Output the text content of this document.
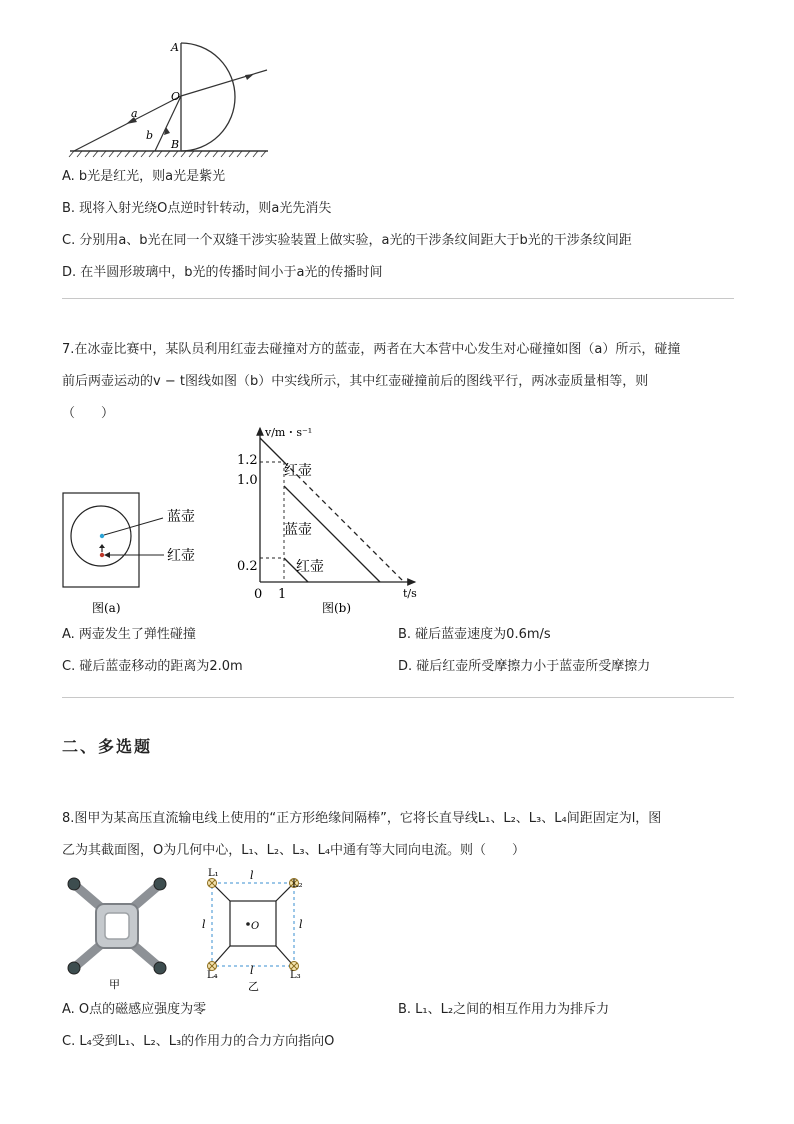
A
O
B
a
b
A. b光是红光，则a光是紫光
B. 现将入射光绕O点逆时针转动，则a光先消失
C. 分别用a、b光在同一个双缝干涉实验装置上做实验，a光的干涉条纹间距大于b光的干涉条纹间距
D. 在半圆形玻璃中，b光的传播时间小于a光的传播时间
7.在冰壶比赛中，某队员利用红壶去碰撞对方的蓝壶，两者在大本营中心发生对心碰撞如图（a）所示，碰撞
前后两壶运动的v − t图线如图（b）中实线所示，其中红壶碰撞前后的图线平行，两冰壶质量相等，则
（　　）
蓝壶
红壶
图(a)
v/m・s⁻¹
t/s
1.2
1.0
0.2
0 1
红壶
蓝壶
红壶
图(b)
A. 两壶发生了弹性碰撞	B. 碰后蓝壶速度为0.6m/s
C. 碰后蓝壶移动的距离为2.0m	D. 碰后红壶所受摩擦力小于蓝壶所受摩擦力
二、多选题
8.图甲为某高压直流输电线上使用的“正方形绝缘间隔棒”，它将长直导线L₁、L₂、L₃、L₄间距固定为l，图
乙为其截面图，O为几何中心，L₁、L₂、L₃、L₄中通有等大同向电流。则（　　）
甲
L₁
L₂
L₃
L₄
l
l
l	l
O
乙
A. O点的磁感应强度为零	B. L₁、L₂之间的相互作用力为排斥力
C. L₄受到L₁、L₂、L₃的作用力的合力方向指向O
